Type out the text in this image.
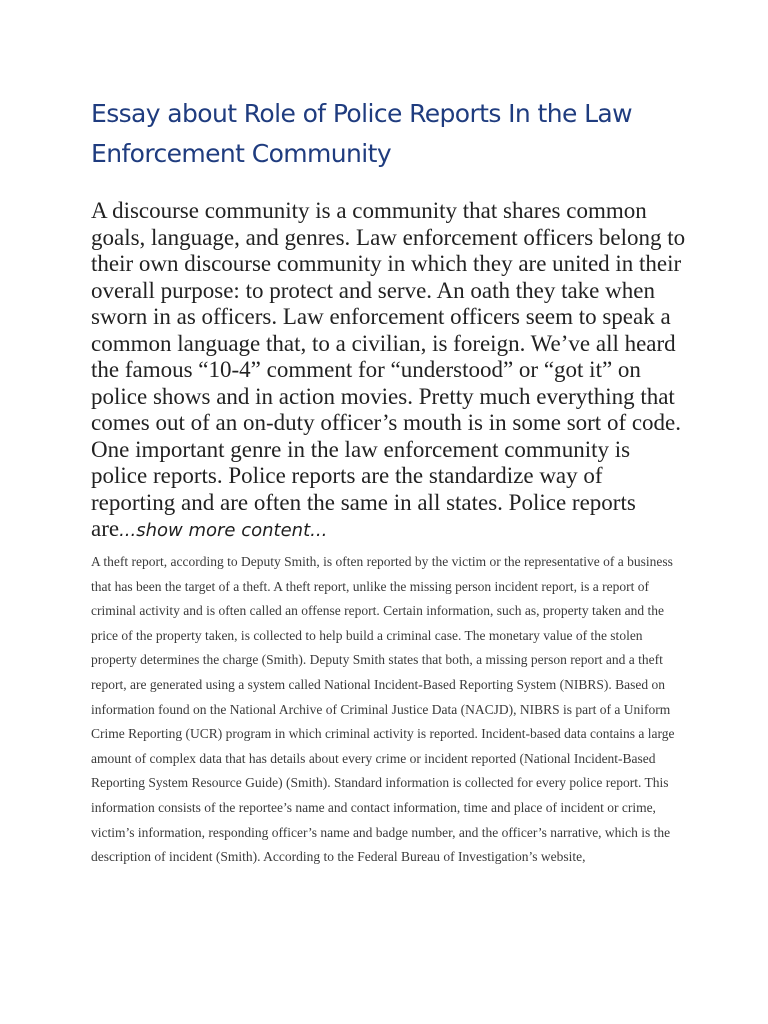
Essay about Role of Police Reports In the Law Enforcement Community

A discourse community is a community that shares common goals, language, and genres. Law enforcement officers belong to their own discourse community in which they are united in their overall purpose: to protect and serve. An oath they take when sworn in as officers. Law enforcement officers seem to speak a common language that, to a civilian, is foreign. We’ve all heard the famous “10-4” comment for “understood” or “got it” on police shows and in action movies. Pretty much everything that comes out of an on-duty officer’s mouth is in some sort of code. One important genre in the law enforcement community is police reports. Police reports are the standardize way of reporting and are often the same in all states. Police reports are...show more content...

A theft report, according to Deputy Smith, is often reported by the victim or the representative of a business that has been the target of a theft. A theft report, unlike the missing person incident report, is a report of criminal activity and is often called an offense report. Certain information, such as, property taken and the price of the property taken, is collected to help build a criminal case. The monetary value of the stolen property determines the charge (Smith). Deputy Smith states that both, a missing person report and a theft report, are generated using a system called National Incident-Based Reporting System (NIBRS). Based on information found on the National Archive of Criminal Justice Data (NACJD), NIBRS is part of a Uniform Crime Reporting (UCR) program in which criminal activity is reported. Incident-based data contains a large amount of complex data that has details about every crime or incident reported (National Incident-Based Reporting System Resource Guide) (Smith). Standard information is collected for every police report. This information consists of the reportee’s name and contact information, time and place of incident or crime, victim’s information, responding officer’s name and badge number, and the officer’s narrative, which is the description of incident (Smith). According to the Federal Bureau of Investigation’s website,
